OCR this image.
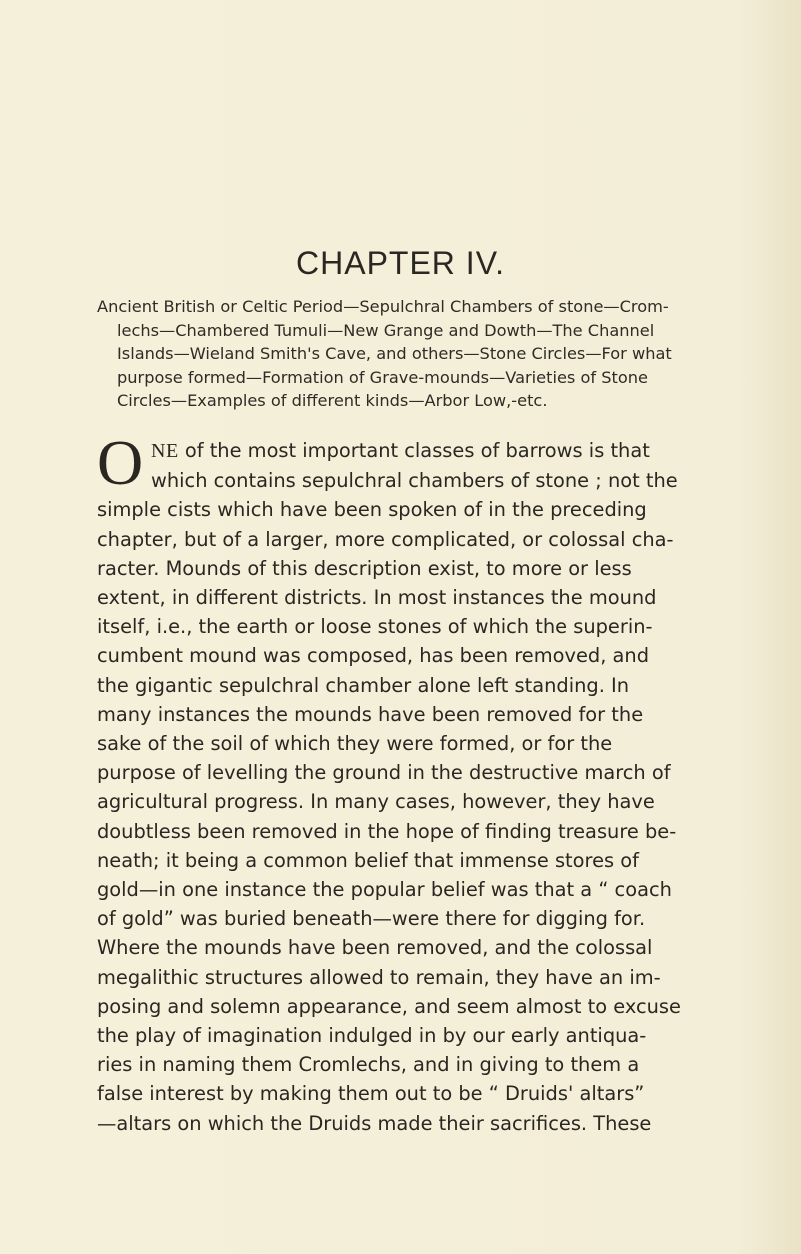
CHAPTER IV.
Ancient British or Celtic Period—Sepulchral Chambers of stone—Crom-
lechs—Chambered Tumuli—New Grange and Dowth—The Channel
Islands—Wieland Smith's Cave, and others—Stone Circles—For what
purpose formed—Formation of Grave-mounds—Varieties of Stone
Circles—Examples of different kinds—Arbor Low,-etc.
O NE of the most important classes of barrows is that
which contains sepulchral chambers of stone ; not the
simple cists which have been spoken of in the preceding
chapter, but of a larger, more complicated, or colossal cha-
racter. Mounds of this description exist, to more or less
extent, in different districts. In most instances the mound
itself, i.e., the earth or loose stones of which the superin-
cumbent mound was composed, has been removed, and
the gigantic sepulchral chamber alone left standing. In
many instances the mounds have been removed for the
sake of the soil of which they were formed, or for the
purpose of levelling the ground in the destructive march of
agricultural progress. In many cases, however, they have
doubtless been removed in the hope of finding treasure be-
neath; it being a common belief that immense stores of
gold—in one instance the popular belief was that a “ coach
of gold” was buried beneath—were there for digging for.
Where the mounds have been removed, and the colossal
megalithic structures allowed to remain, they have an im-
posing and solemn appearance, and seem almost to excuse
the play of imagination indulged in by our early antiqua-
ries in naming them Cromlechs, and in giving to them a
false interest by making them out to be “ Druids' altars”
—altars on which the Druids made their sacrifices. These
